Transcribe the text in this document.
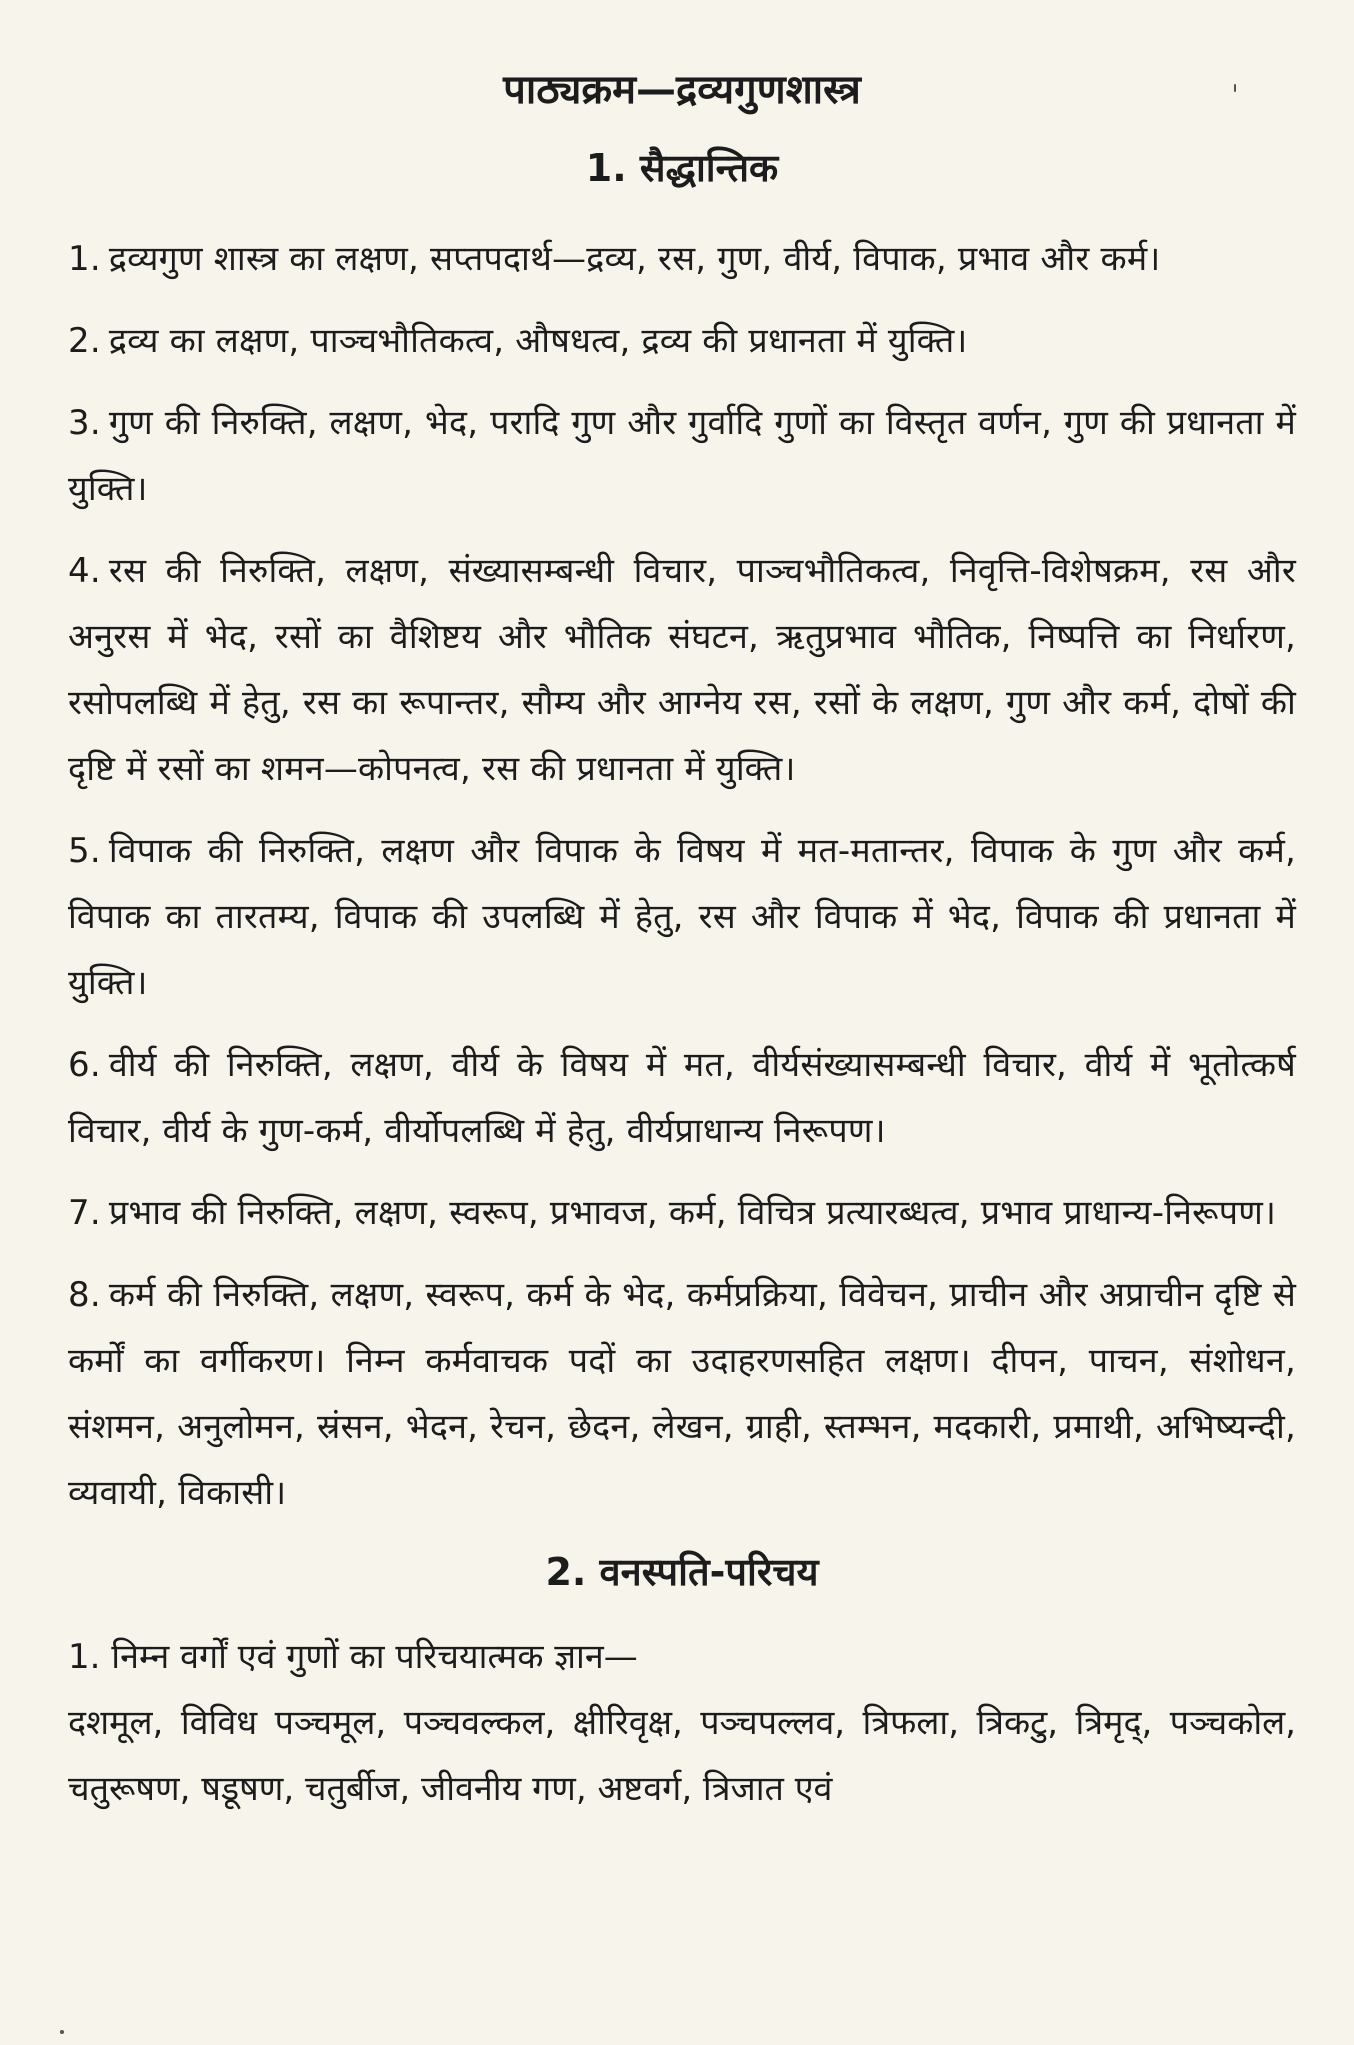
पाठ्यक्रम—द्रव्यगुणशास्त्र
1. सैद्धान्तिक

1. द्रव्यगुण शास्त्र का लक्षण, सप्तपदार्थ—द्रव्य, रस, गुण, वीर्य, विपाक, प्रभाव और कर्म।

2. द्रव्य का लक्षण, पाञ्चभौतिकत्व, औषधत्व, द्रव्य की प्रधानता में युक्ति।

3. गुण की निरुक्ति, लक्षण, भेद, परादि गुण और गुर्वादि गुणों का विस्तृत वर्णन, गुण की प्रधानता में युक्ति।

4. रस की निरुक्ति, लक्षण, संख्यासम्बन्धी विचार, पाञ्चभौतिकत्व, निवृत्ति-विशेषक्रम, रस और अनुरस में भेद, रसों का वैशिष्टय और भौतिक संघटन, ऋतुप्रभाव भौतिक, निष्पत्ति का निर्धारण, रसोपलब्धि में हेतु, रस का रूपान्तर, सौम्य और आग्नेय रस, रसों के लक्षण, गुण और कर्म, दोषों की दृष्टि में रसों का शमन—कोपनत्व, रस की प्रधानता में युक्ति।

5. विपाक की निरुक्ति, लक्षण और विपाक के विषय में मत-मतान्तर, विपाक के गुण और कर्म, विपाक का तारतम्य, विपाक की उपलब्धि में हेतु, रस और विपाक में भेद, विपाक की प्रधानता में युक्ति।

6. वीर्य की निरुक्ति, लक्षण, वीर्य के विषय में मत, वीर्यसंख्यासम्बन्धी विचार, वीर्य में भूतोत्कर्ष विचार, वीर्य के गुण-कर्म, वीर्योपलब्धि में हेतु, वीर्यप्राधान्य निरूपण।

7. प्रभाव की निरुक्ति, लक्षण, स्वरूप, प्रभावज, कर्म, विचित्र प्रत्यारब्धत्व, प्रभाव प्राधान्य-निरूपण।

8. कर्म की निरुक्ति, लक्षण, स्वरूप, कर्म के भेद, कर्मप्रक्रिया, विवेचन, प्राचीन और अप्राचीन दृष्टि से कर्मों का वर्गीकरण। निम्न कर्मवाचक पदों का उदाहरणसहित लक्षण। दीपन, पाचन, संशोधन, संशमन, अनुलोमन, स्रंसन, भेदन, रेचन, छेदन, लेखन, ग्राही, स्तम्भन, मदकारी, प्रमाथी, अभिष्यन्दी, व्यवायी, विकासी।

2. वनस्पति-परिचय

1. निम्न वर्गों एवं गुणों का परिचयात्मक ज्ञान—

दशमूल, विविध पञ्चमूल, पञ्चवल्कल, क्षीरिवृक्ष, पञ्चपल्लव, त्रिफला, त्रिकटु, त्रिमृद्, पञ्चकोल, चतुरूषण, षडूषण, चतुर्बीज, जीवनीय गण, अष्टवर्ग, त्रिजात एवं
